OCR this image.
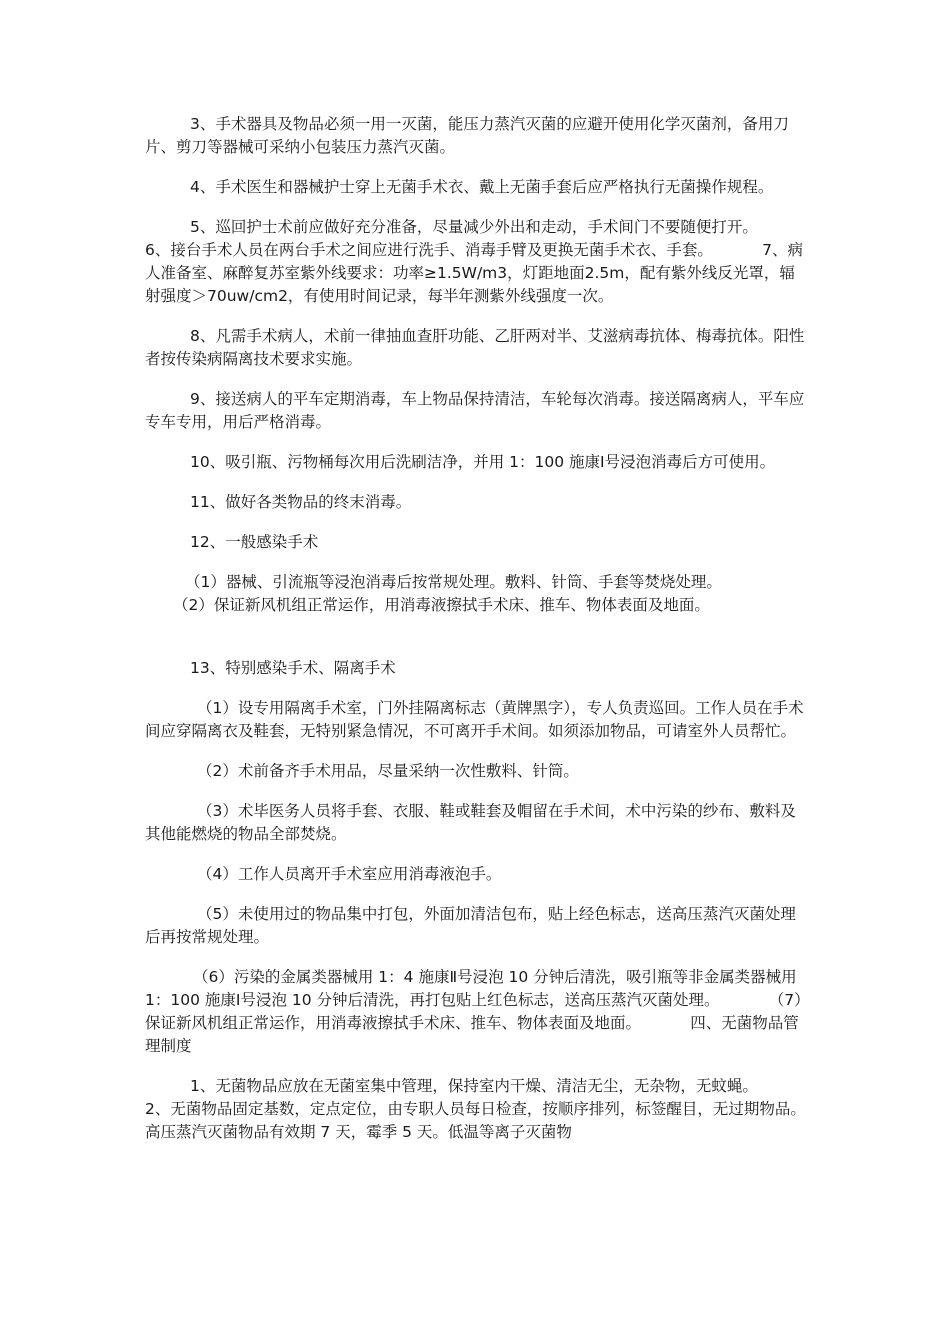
3、手术器具及物品必须一用一灭菌，能压力蒸汽灭菌的应避开使用化学灭菌剂，备用刀片、剪刀等器械可采纳小包装压力蒸汽灭菌。

4、手术医生和器械护士穿上无菌手术衣、戴上无菌手套后应严格执行无菌操作规程。

5、巡回护士术前应做好充分准备，尽量减少外出和走动，手术间门不要随便打开。          6、接台手术人员在两台手术之间应进行洗手、消毒手臂及更换无菌手术衣、手套。          7、病人准备室、麻醉复苏室紫外线要求：功率≥1.5W/m3，灯距地面2.5m，配有紫外线反光罩，辐射强度＞70uw/cm2，有使用时间记录，每半年测紫外线强度一次。

8、凡需手术病人，术前一律抽血查肝功能、乙肝两对半、艾滋病毒抗体、梅毒抗体。阳性者按传染病隔离技术要求实施。

9、接送病人的平车定期消毒，车上物品保持清洁，车轮每次消毒。接送隔离病人，平车应专车专用，用后严格消毒。

10、吸引瓶、污物桶每次用后洗刷洁净，并用 1：100 施康Ⅰ号浸泡消毒后方可使用。

11、做好各类物品的终末消毒。

12、一般感染手术

（1）器械、引流瓶等浸泡消毒后按常规处理。敷料、针筒、手套等焚烧处理。

（2）保证新风机组正常运作，用消毒液擦拭手术床、推车、物体表面及地面。

13、特别感染手术、隔离手术

（1）设专用隔离手术室，门外挂隔离标志（黄牌黑字），专人负责巡回。工作人员在手术间应穿隔离衣及鞋套，无特别紧急情况，不可离开手术间。如须添加物品，可请室外人员帮忙。

（2）术前备齐手术用品，尽量采纳一次性敷料、针筒。

（3）术毕医务人员将手套、衣服、鞋或鞋套及帽留在手术间，术中污染的纱布、敷料及其他能燃烧的物品全部焚烧。

（4）工作人员离开手术室应用消毒液泡手。

（5）未使用过的物品集中打包，外面加清洁包布，贴上经色标志，送高压蒸汽灭菌处理后再按常规处理。

（6）污染的金属类器械用 1：4 施康Ⅱ号浸泡 10 分钟后清洗，吸引瓶等非金属类器械用 1：100 施康Ⅰ号浸泡 10 分钟后清洗，再打包贴上红色标志，送高压蒸汽灭菌处理。          （7）保证新风机组正常运作，用消毒液擦拭手术床、推车、物体表面及地面。          四、无菌物品管理制度

1、无菌物品应放在无菌室集中管理，保持室内干燥、清洁无尘，无杂物，无蚊蝇。          2、无菌物品固定基数，定点定位，由专职人员每日检查，按顺序排列，标签醒目，无过期物品。高压蒸汽灭菌物品有效期 7 天，霉季 5 天。低温等离子灭菌物
